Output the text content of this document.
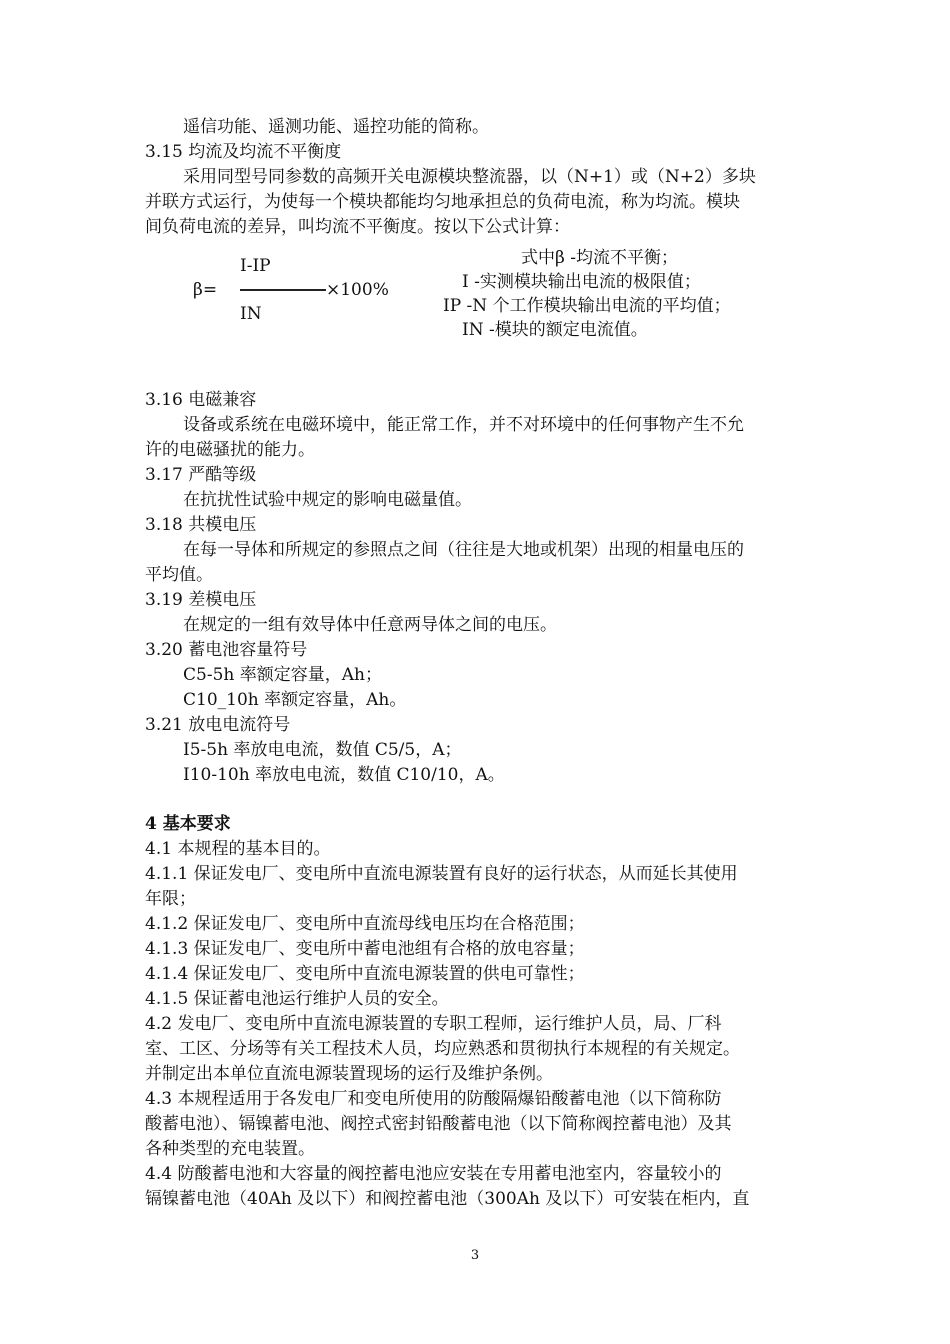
遥信功能、遥测功能、遥控功能的简称。
3.15 均流及均流不平衡度
采用同型号同参数的高频开关电源模块整流器，以（N+1）或（N+2）多块
并联方式运行，为使每一个模块都能均匀地承担总的负荷电流，称为均流。模块
间负荷电流的差异，叫均流不平衡度。按以下公式计算：
I-IP
β=	×100%
IN
式中β -均流不平衡；
I -实测模块输出电流的极限值；
IP -N 个工作模块输出电流的平均值；
IN -模块的额定电流值。
3.16 电磁兼容
设备或系统在电磁环境中，能正常工作，并不对环境中的任何事物产生不允
许的电磁骚扰的能力。
3.17 严酷等级
在抗扰性试验中规定的影响电磁量值。
3.18 共模电压
在每一导体和所规定的参照点之间（往往是大地或机架）出现的相量电压的
平均值。
3.19 差模电压
在规定的一组有效导体中任意两导体之间的电压。
3.20 蓄电池容量符号
C5-5h 率额定容量，Ah；
C10_10h 率额定容量，Ah。
3.21 放电电流符号
I5-5h 率放电电流，数值 C5/5，A；
I10-10h 率放电电流，数值 C10/10，A。
4 基本要求
4.1 本规程的基本目的。
4.1.1 保证发电厂、变电所中直流电源装置有良好的运行状态，从而延长其使用
年限；
4.1.2 保证发电厂、变电所中直流母线电压均在合格范围；
4.1.3 保证发电厂、变电所中蓄电池组有合格的放电容量；
4.1.4 保证发电厂、变电所中直流电源装置的供电可靠性；
4.1.5 保证蓄电池运行维护人员的安全。
4.2 发电厂、变电所中直流电源装置的专职工程师，运行维护人员，局、厂科
室、工区、分场等有关工程技术人员，均应熟悉和贯彻执行本规程的有关规定。
并制定出本单位直流电源装置现场的运行及维护条例。
4.3 本规程适用于各发电厂和变电所使用的防酸隔爆铅酸蓄电池（以下简称防
酸蓄电池）、镉镍蓄电池、阀控式密封铅酸蓄电池（以下简称阀控蓄电池）及其
各种类型的充电装置。
4.4 防酸蓄电池和大容量的阀控蓄电池应安装在专用蓄电池室内，容量较小的
镉镍蓄电池（40Ah 及以下）和阀控蓄电池（300Ah 及以下）可安装在柜内，直
3
